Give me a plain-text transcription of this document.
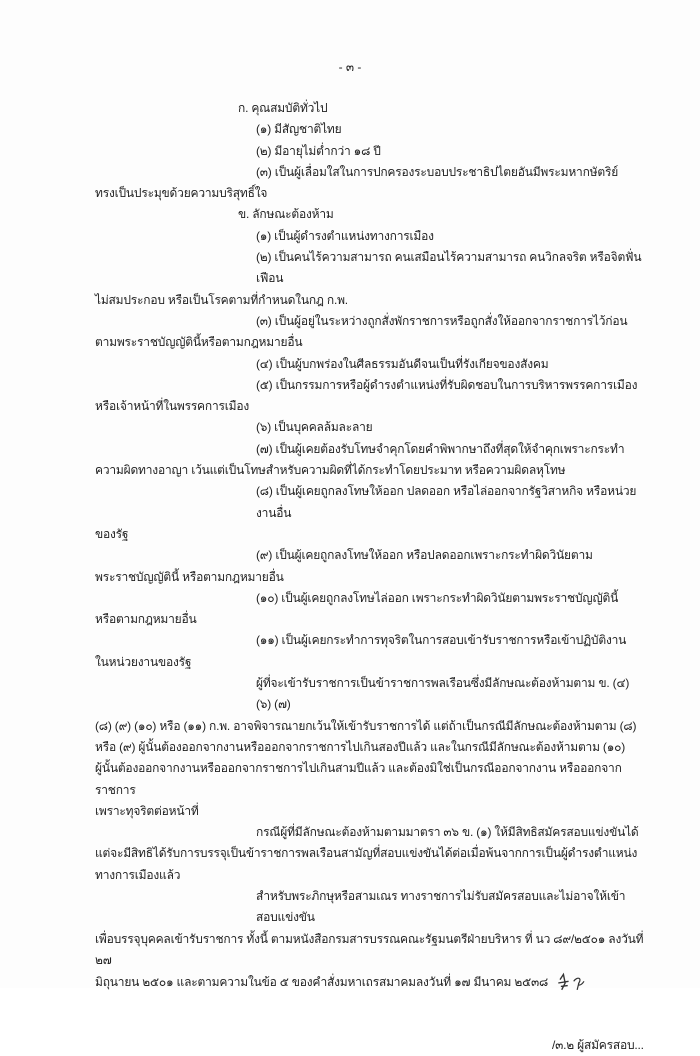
- ๓ -
ก. คุณสมบัติทั่วไป
(๑) มีสัญชาติไทย
(๒) มีอายุไม่ต่ำกว่า ๑๘ ปี
(๓) เป็นผู้เลื่อมใสในการปกครองระบอบประชาธิปไตยอันมีพระมหากษัตริย์
ทรงเป็นประมุขด้วยความบริสุทธิ์ใจ
ข. ลักษณะต้องห้าม
(๑) เป็นผู้ดำรงตำแหน่งทางการเมือง
(๒) เป็นคนไร้ความสามารถ คนเสมือนไร้ความสามารถ คนวิกลจริต หรือจิตฟั่นเฟือน
ไม่สมประกอบ หรือเป็นโรคตามที่กำหนดในกฎ ก.พ.
(๓) เป็นผู้อยู่ในระหว่างถูกสั่งพักราชการหรือถูกสั่งให้ออกจากราชการไว้ก่อน
ตามพระราชบัญญัตินี้หรือตามกฎหมายอื่น
(๔) เป็นผู้บกพร่องในศีลธรรมอันดีจนเป็นที่รังเกียจของสังคม
(๕) เป็นกรรมการหรือผู้ดำรงตำแหน่งที่รับผิดชอบในการบริหารพรรคการเมือง
หรือเจ้าหน้าที่ในพรรคการเมือง
(๖) เป็นบุคคลล้มละลาย
(๗) เป็นผู้เคยต้องรับโทษจำคุกโดยคำพิพากษาถึงที่สุดให้จำคุกเพราะกระทำ
ความผิดทางอาญา เว้นแต่เป็นโทษสำหรับความผิดที่ได้กระทำโดยประมาท หรือความผิดลหุโทษ
(๘) เป็นผู้เคยถูกลงโทษให้ออก ปลดออก หรือไล่ออกจากรัฐวิสาหกิจ หรือหน่วยงานอื่น
ของรัฐ
(๙) เป็นผู้เคยถูกลงโทษให้ออก หรือปลดออกเพราะกระทำผิดวินัยตาม
พระราชบัญญัตินี้ หรือตามกฎหมายอื่น
(๑๐) เป็นผู้เคยถูกลงโทษไล่ออก เพราะกระทำผิดวินัยตามพระราชบัญญัตินี้
หรือตามกฎหมายอื่น
(๑๑) เป็นผู้เคยกระทำการทุจริตในการสอบเข้ารับราชการหรือเข้าปฏิบัติงาน
ในหน่วยงานของรัฐ
ผู้ที่จะเข้ารับราชการเป็นข้าราชการพลเรือนซึ่งมีลักษณะต้องห้ามตาม ข. (๔) (๖) (๗)
(๘) (๙) (๑๐) หรือ (๑๑) ก.พ. อาจพิจารณายกเว้นให้เข้ารับราชการได้ แต่ถ้าเป็นกรณีมีลักษณะต้องห้ามตาม (๘)
หรือ (๙) ผู้นั้นต้องออกจากงานหรือออกจากราชการไปเกินสองปีแล้ว และในกรณีมีลักษณะต้องห้ามตาม (๑๐)
ผู้นั้นต้องออกจากงานหรือออกจากราชการไปเกินสามปีแล้ว และต้องมิใช่เป็นกรณีออกจากงาน หรือออกจากราชการ
เพราะทุจริตต่อหน้าที่
กรณีผู้ที่มีลักษณะต้องห้ามตามมาตรา ๓๖ ข. (๑) ให้มีสิทธิสมัครสอบแข่งขันได้
แต่จะมีสิทธิได้รับการบรรจุเป็นข้าราชการพลเรือนสามัญที่สอบแข่งขันได้ต่อเมื่อพ้นจากการเป็นผู้ดำรงตำแหน่ง
ทางการเมืองแล้ว
สำหรับพระภิกษุหรือสามเณร ทางราชการไม่รับสมัครสอบและไม่อาจให้เข้าสอบแข่งขัน
เพื่อบรรจุบุคคลเข้ารับราชการ ทั้งนี้ ตามหนังสือกรมสารบรรณคณะรัฐมนตรีฝ่ายบริหาร ที่ นว ๘๙/๒๕๐๑ ลงวันที่ ๒๗
มิถุนายน ๒๕๐๑ และตามความในข้อ ๕ ของคำสั่งมหาเถรสมาคมลงวันที่ ๑๗ มีนาคม ๒๕๓๘
/๓.๒ ผู้สมัครสอบ...
